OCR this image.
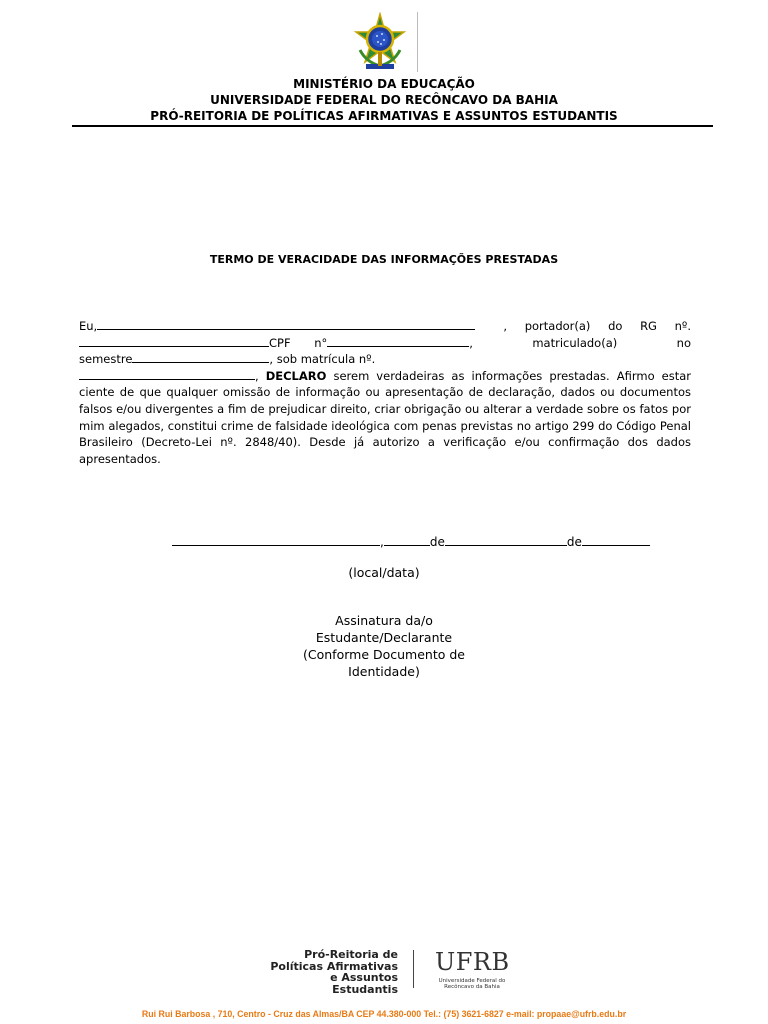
MINISTÉRIO DA EDUCAÇÃO
UNIVERSIDADE FEDERAL DO RECÔNCAVO DA BAHIA
PRÓ-REITORIA DE POLÍTICAS AFIRMATIVAS E ASSUNTOS ESTUDANTIS
TERMO DE VERACIDADE DAS INFORMAÇÕES PRESTADAS
Eu,	, portador(a) do RG nº.
CPF n°	,	matriculado(a)	no
semestre	, sob matrícula nº.
, DECLARO serem verdadeiras as informações prestadas. Afirmo estar ciente de que qualquer omissão de informação ou apresentação de declaração, dados ou documentos falsos e/ou divergentes a fim de prejudicar direito, criar obrigação ou alterar a verdade sobre os fatos por mim alegados, constitui crime de falsidade ideológica com penas previstas no artigo 299 do Código Penal Brasileiro (Decreto-Lei nº. 2848/40). Desde já autorizo a verificação e/ou confirmação dos dados apresentados.
,	de	de
(local/data)
Assinatura da/o
Estudante/Declarante
(Conforme Documento de
Identidade)
Pró-Reitoria de
Políticas Afirmativas
e Assuntos Estudantis
UFRB
Universidade Federal do
Recôncavo da Bahia
Rui Rui Barbosa , 710, Centro - Cruz das Almas/BA CEP 44.380-000 Tel.: (75) 3621-6827 e-mail: propaae@ufrb.edu.br
